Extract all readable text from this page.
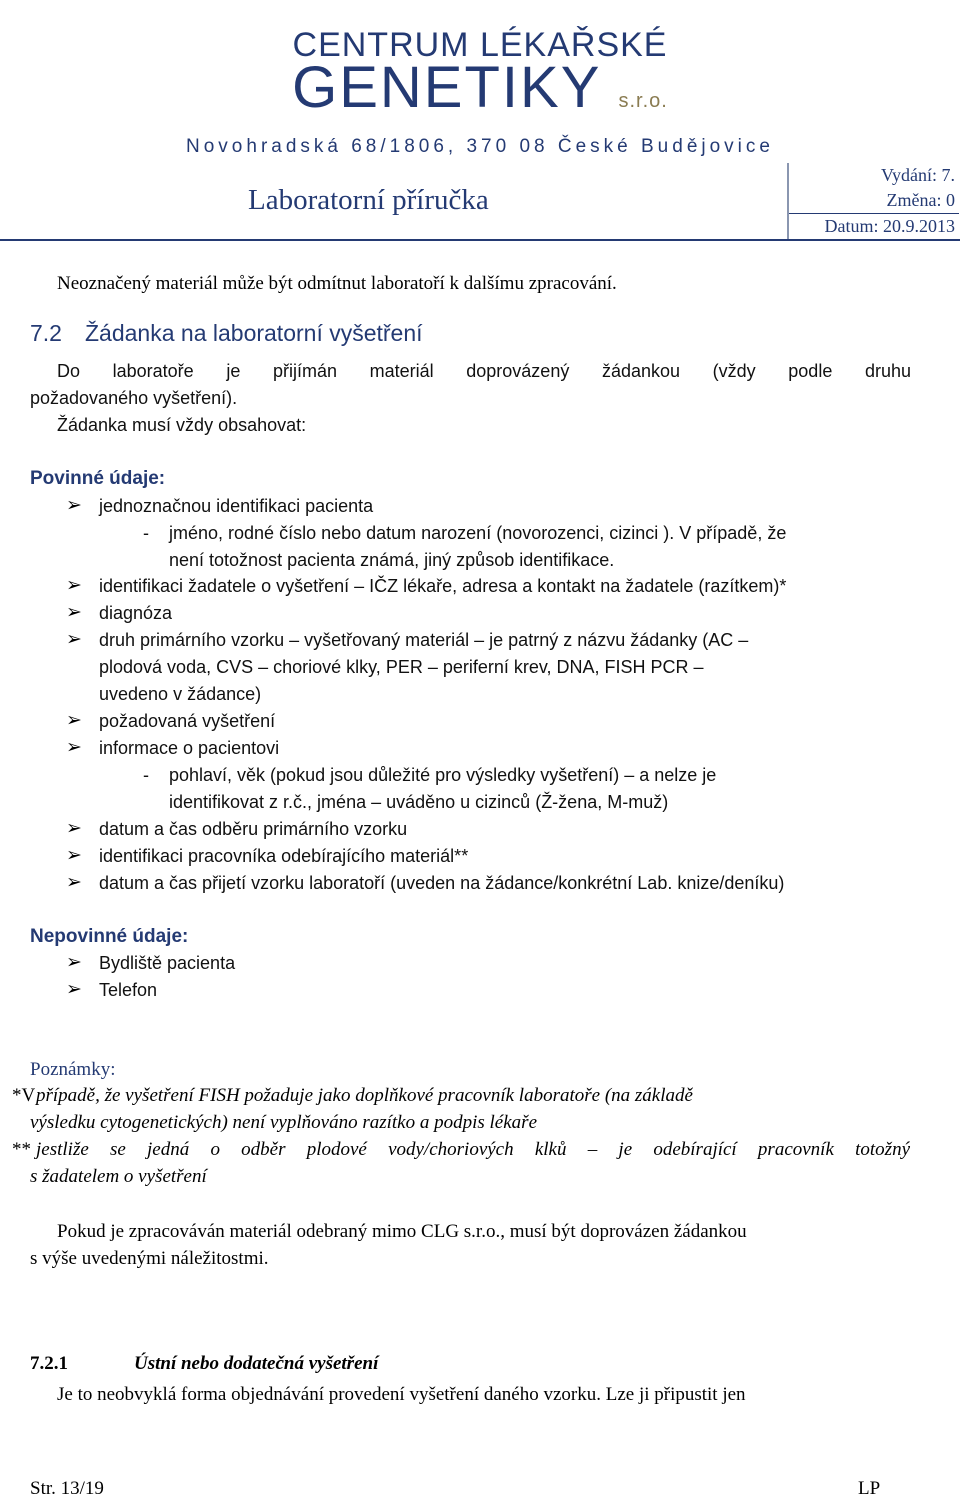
CENTRUM LÉKAŘSKÉ
GENETIKY s.r.o.
Novohradská 68/1806, 370 08 České Budějovice
Laboratorní příručka
Vydání: 7.
Změna: 0
Datum: 20.9.2013
Neoznačený materiál může být odmítnut laboratoří k dalšímu zpracování.
7.2 Žádanka na laboratorní vyšetření
Do laboratoře je přijímán materiál doprovázený žádankou (vždy podle druhu
požadovaného vyšetření).
Žádanka musí vždy obsahovat:
Povinné údaje:
➢ jednoznačnou identifikaci pacienta
- jméno, rodné číslo nebo datum narození (novorozenci, cizinci ). V případě, že
není totožnost pacienta známá, jiný způsob identifikace.
➢ identifikaci žadatele o vyšetření – IČZ lékaře, adresa a kontakt na žadatele (razítkem)*
➢ diagnóza
➢ druh primárního vzorku – vyšetřovaný materiál – je patrný z názvu žádanky (AC –
plodová voda, CVS – choriové klky, PER – periferní krev, DNA, FISH PCR –
uvedeno v žádance)
➢ požadovaná vyšetření
➢ informace o pacientovi
- pohlaví, věk (pokud jsou důležité pro výsledky vyšetření) – a nelze je
identifikovat z r.č., jména – uváděno u cizinců (Ž-žena, M-muž)
➢ datum a čas odběru primárního vzorku
➢ identifikaci pracovníka odebírajícího materiál**
➢ datum a čas přijetí vzorku laboratoří (uveden na žádance/konkrétní Lab. knize/deníku)
Nepovinné údaje:
➢ Bydliště pacienta
➢ Telefon
Poznámky:
*V případě, že vyšetření FISH požaduje jako doplňkové pracovník laboratoře (na základě
výsledku cytogenetických) není vyplňováno razítko a podpis lékaře
** jestliže se jedná o odběr plodové vody/choriových klků – je odebírající pracovník totožný
s žadatelem o vyšetření
Pokud je zpracováván materiál odebraný mimo CLG s.r.o., musí být doprovázen žádankou
s výše uvedenými náležitostmi.
7.2.1	Ústní nebo dodatečná vyšetření
Je to neobvyklá forma objednávání provedení vyšetření daného vzorku. Lze ji připustit jen
Str. 13/19	LP
